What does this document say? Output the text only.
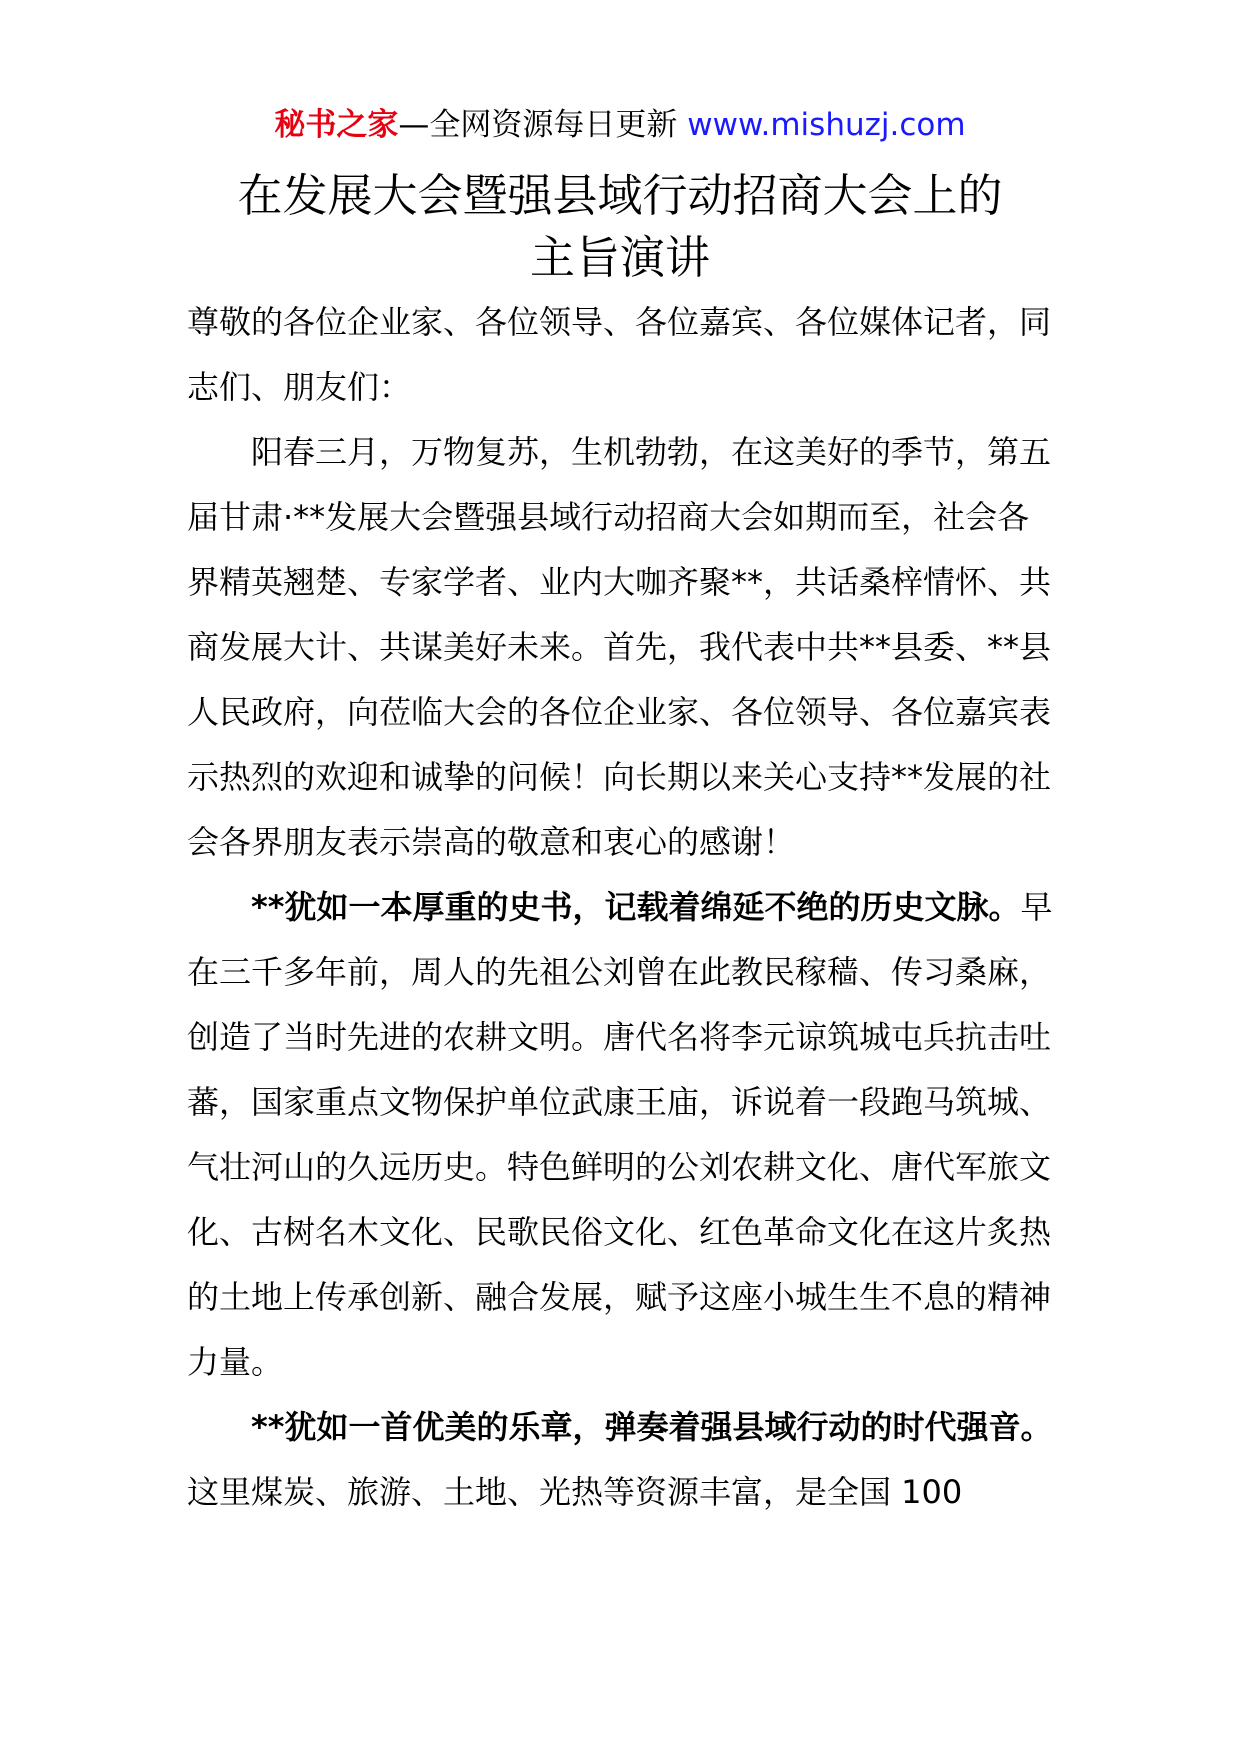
秘书之家—全网资源每日更新 www.mishuzj.com
在发展大会暨强县域行动招商大会上的
主旨演讲

尊敬的各位企业家、各位领导、各位嘉宾、各位媒体记者，同志们、朋友们：

阳春三月，万物复苏，生机勃勃，在这美好的季节，第五届甘肃·**发展大会暨强县域行动招商大会如期而至，社会各界精英翘楚、专家学者、业内大咖齐聚**，共话桑梓情怀、共商发展大计、共谋美好未来。首先，我代表中共**县委、**县人民政府，向莅临大会的各位企业家、各位领导、各位嘉宾表示热烈的欢迎和诚挚的问候！向长期以来关心支持**发展的社会各界朋友表示崇高的敬意和衷心的感谢！

**犹如一本厚重的史书，记载着绵延不绝的历史文脉。早在三千多年前，周人的先祖公刘曾在此教民稼穑、传习桑麻，创造了当时先进的农耕文明。唐代名将李元谅筑城屯兵抗击吐蕃，国家重点文物保护单位武康王庙，诉说着一段跑马筑城、气壮河山的久远历史。特色鲜明的公刘农耕文化、唐代军旅文化、古树名木文化、民歌民俗文化、红色革命文化在这片炙热的土地上传承创新、融合发展，赋予这座小城生生不息的精神力量。

**犹如一首优美的乐章，弹奏着强县域行动的时代强音。这里煤炭、旅游、土地、光热等资源丰富，是全国 100
